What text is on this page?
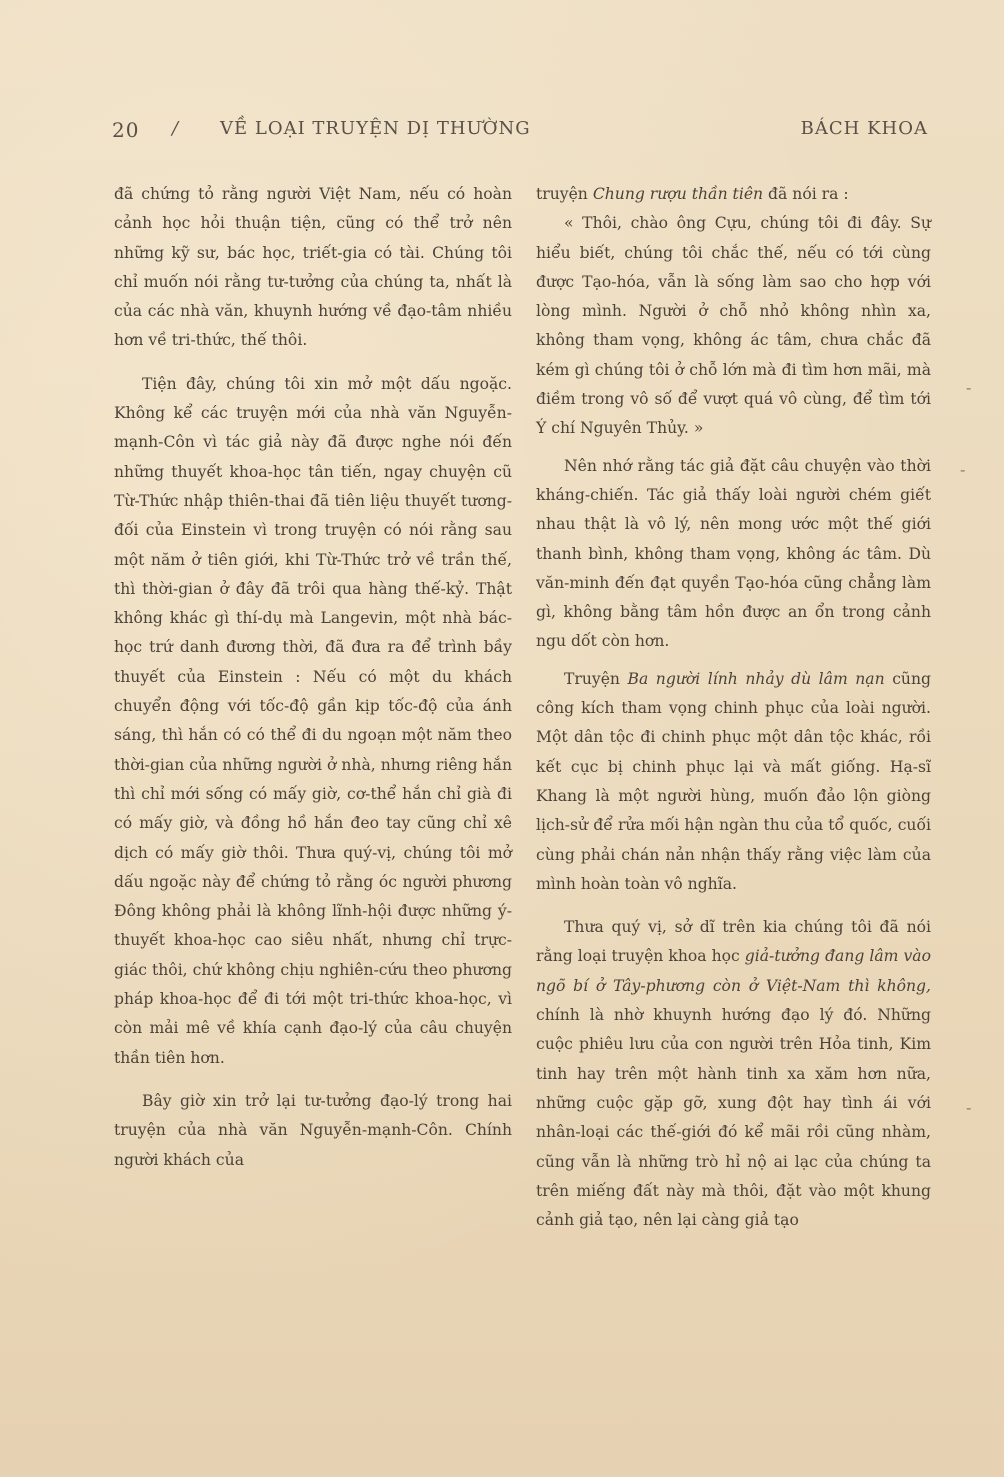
20 / VỀ LOẠI TRUYỆN DỊ THƯỜNG	BÁCH KHOA

đã chứng tỏ rằng người Việt Nam, nếu có hoàn cảnh học hỏi thuận tiện, cũng có thể trở nên những kỹ sư, bác học, triết-gia có tài. Chúng tôi chỉ muốn nói rằng tư-tưởng của chúng ta, nhất là của các nhà văn, khuynh hướng về đạo-tâm nhiều hơn về tri-thức, thế thôi.

Tiện đây, chúng tôi xin mở một dấu ngoặc. Không kể các truyện mới của nhà văn Nguyễn-mạnh-Côn vì tác giả này đã được nghe nói đến những thuyết khoa-học tân tiến, ngay chuyện cũ Từ-Thức nhập thiên-thai đã tiên liệu thuyết tương-đối của Einstein vì trong truyện có nói rằng sau một năm ở tiên giới, khi Từ-Thức trở về trần thế, thì thời-gian ở đây đã trôi qua hàng thế-kỷ. Thật không khác gì thí-dụ mà Langevin, một nhà bác-học trứ danh đương thời, đã đưa ra để trình bầy thuyết của Einstein : Nếu có một du khách chuyển động với tốc-độ gần kịp tốc-độ của ánh sáng, thì hắn có có thể đi du ngoạn một năm theo thời-gian của những người ở nhà, nhưng riêng hắn thì chỉ mới sống có mấy giờ, cơ-thể hắn chỉ già đi có mấy giờ, và đồng hồ hắn đeo tay cũng chỉ xê dịch có mấy giờ thôi. Thưa quý-vị, chúng tôi mở dấu ngoặc này để chứng tỏ rằng óc người phương Đông không phải là không lĩnh-hội được những ý-thuyết khoa-học cao siêu nhất, nhưng chỉ trực-giác thôi, chứ không chịu nghiên-cứu theo phương pháp khoa-học để đi tới một tri-thức khoa-học, vì còn mải mê về khía cạnh đạo-lý của câu chuyện thần tiên hơn.

Bây giờ xin trở lại tư-tưởng đạo-lý trong hai truyện của nhà văn Nguyễn-mạnh-Côn. Chính người khách của

truyện Chung rượu thần tiên đã nói ra :

« Thôi, chào ông Cựu, chúng tôi đi đây. Sự hiểu biết, chúng tôi chắc thế, nếu có tới cùng được Tạo-hóa, vẫn là sống làm sao cho hợp với lòng mình. Người ở chỗ nhỏ không nhìn xa, không tham vọng, không ác tâm, chưa chắc đã kém gì chúng tôi ở chỗ lớn mà đi tìm hơn mãi, mà điềm trong vô số để vượt quá vô cùng, để tìm tới Ý chí Nguyên Thủy. »

Nên nhớ rằng tác giả đặt câu chuyện vào thời kháng-chiến. Tác giả thấy loài người chém giết nhau thật là vô lý, nên mong ước một thế giới thanh bình, không tham vọng, không ác tâm. Dù văn-minh đến đạt quyền Tạo-hóa cũng chẳng làm gì, không bằng tâm hồn được an ổn trong cảnh ngu dốt còn hơn.

Truyện Ba người lính nhảy dù lâm nạn cũng công kích tham vọng chinh phục của loài người. Một dân tộc đi chinh phục một dân tộc khác, rồi kết cục bị chinh phục lại và mất giống. Hạ-sĩ Khang là một người hùng, muốn đảo lộn giòng lịch-sử để rửa mối hận ngàn thu của tổ quốc, cuối cùng phải chán nản nhận thấy rằng việc làm của mình hoàn toàn vô nghĩa.

Thưa quý vị, sở dĩ trên kia chúng tôi đã nói rằng loại truyện khoa học giả-tưởng đang lâm vào ngõ bí ở Tây-phương còn ở Việt-Nam thì không, chính là nhờ khuynh hướng đạo lý đó. Những cuộc phiêu lưu của con người trên Hỏa tinh, Kim tinh hay trên một hành tinh xa xăm hơn nữa, những cuộc gặp gỡ, xung đột hay tình ái với nhân-loại các thế-giới đó kể mãi rồi cũng nhàm, cũng vẫn là những trò hỉ nộ ai lạc của chúng ta trên miếng đất này mà thôi, đặt vào một khung cảnh giả tạo, nên lại càng giả tạo

-
-
-
